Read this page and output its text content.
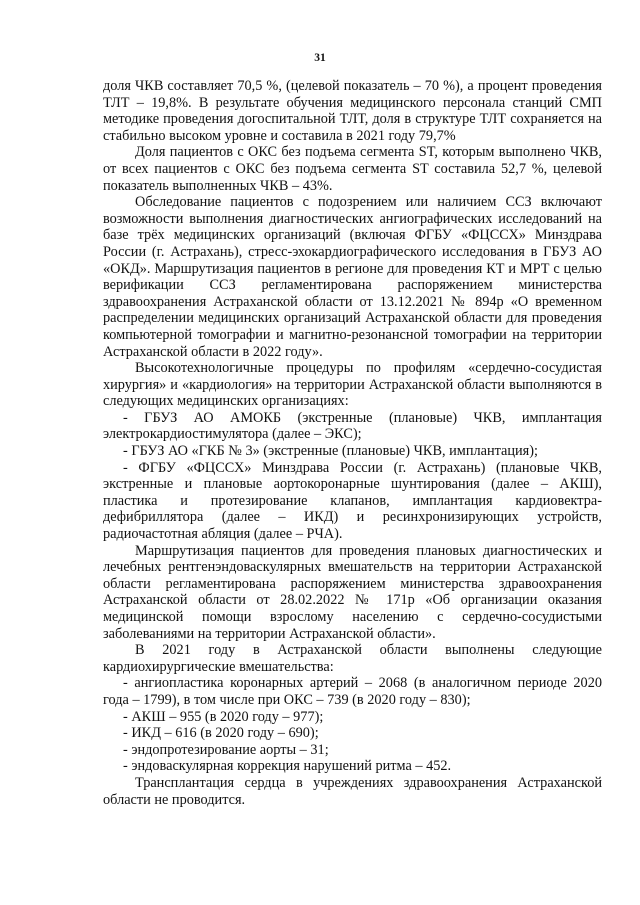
31

доля ЧКВ составляет 70,5 %, (целевой показатель – 70 %), а процент проведения ТЛТ – 19,8%. В результате обучения медицинского персонала станций СМП методике проведения догоспитальной ТЛТ, доля в структуре ТЛТ сохраняется на стабильно высоком уровне и составила в 2021 году 79,7%

Доля пациентов с ОКС без подъема сегмента ST, которым выполнено ЧКВ, от всех пациентов с ОКС без подъема сегмента ST составила 52,7 %, целевой показатель выполненных ЧКВ – 43%.

Обследование пациентов с подозрением или наличием ССЗ включают возможности выполнения диагностических ангиографических исследований на базе трёх медицинских организаций (включая ФГБУ «ФЦССХ» Минздрава России (г. Астрахань), стресс-эхокардиографического исследования в ГБУЗ АО «ОКД». Маршрутизация пациентов в регионе для проведения КТ и МРТ с целью верификации ССЗ регламентирована распоряжением министерства здравоохранения Астраханской области от 13.12.2021 № 894р «О временном распределении медицинских организаций Астраханской области для проведения компьютерной томографии и магнитно-резонансной томографии на территории Астраханской области в 2022 году».

Высокотехнологичные процедуры по профилям «сердечно-сосудистая хирургия» и «кардиология» на территории Астраханской области выполняются в следующих медицинских организациях:

- ГБУЗ АО АМОКБ (экстренные (плановые) ЧКВ, имплантация электрокардиостимулятора (далее – ЭКС);

- ГБУЗ АО «ГКБ № 3» (экстренные (плановые) ЧКВ, имплантация);

- ФГБУ «ФЦССХ» Минздрава России (г. Астрахань) (плановые ЧКВ, экстренные и плановые аортокоронарные шунтирования (далее – АКШ), пластика и протезирование клапанов, имплантация кардиовектра-дефибриллятора (далее – ИКД) и ресинхронизирующих устройств, радиочастотная абляция (далее – РЧА).

Маршрутизация пациентов для проведения плановых диагностических и лечебных рентгенэндоваскулярных вмешательств на территории Астраханской области регламентирована распоряжением министерства здравоохранения Астраханской области от 28.02.2022 № 171р «Об организации оказания медицинской помощи взрослому населению с сердечно-сосудистыми заболеваниями на территории Астраханской области».

В 2021 году в Астраханской области выполнены следующие кардиохирургические вмешательства:

- ангиопластика коронарных артерий – 2068 (в аналогичном периоде 2020 года – 1799), в том числе при ОКС – 739 (в 2020 году – 830);

- АКШ – 955 (в 2020 году – 977);

- ИКД – 616 (в 2020 году – 690);

- эндопротезирование аорты – 31;

- эндоваскулярная коррекция нарушений ритма – 452.

Трансплантация сердца в учреждениях здравоохранения Астраханской области не проводится.
